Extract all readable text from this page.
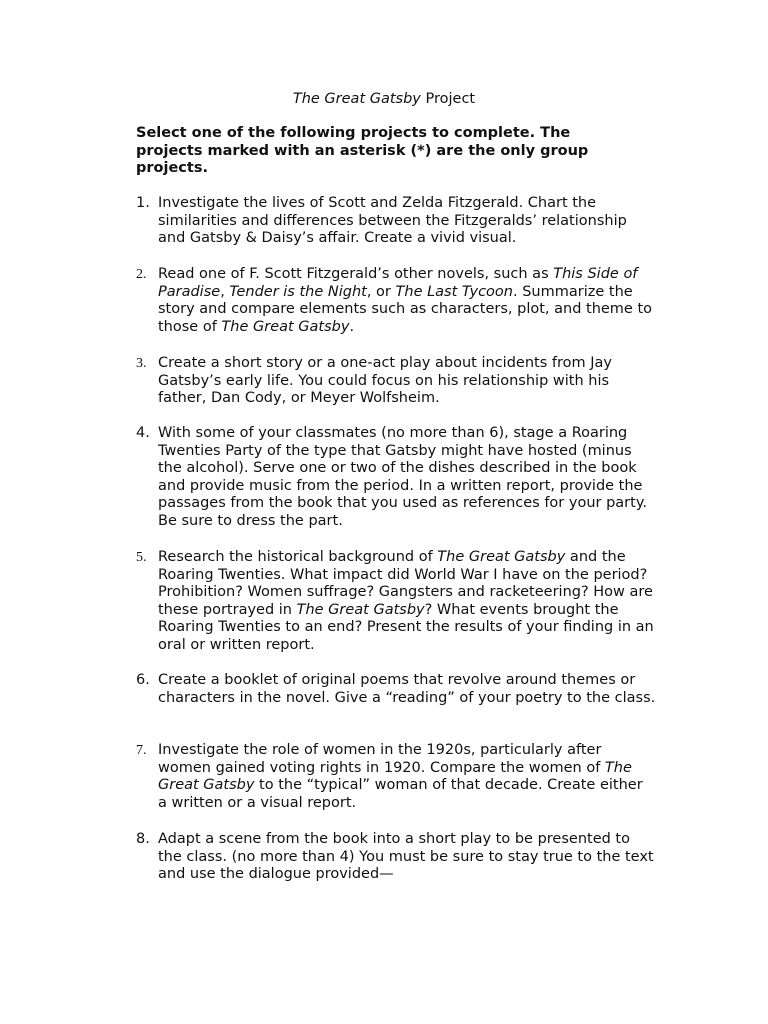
The Great Gatsby Project
Select one of the following projects to complete. The projects marked with an asterisk (*) are the only group projects.
1. Investigate the lives of Scott and Zelda Fitzgerald. Chart the similarities and differences between the Fitzgeralds’ relationship and Gatsby & Daisy’s affair. Create a vivid visual.
2. Read one of F. Scott Fitzgerald’s other novels, such as This Side of Paradise, Tender is the Night, or The Last Tycoon. Summarize the story and compare elements such as characters, plot, and theme to those of The Great Gatsby.
3. Create a short story or a one-act play about incidents from Jay Gatsby’s early life. You could focus on his relationship with his father, Dan Cody, or Meyer Wolfsheim.
4. With some of your classmates (no more than 6), stage a Roaring Twenties Party of the type that Gatsby might have hosted (minus the alcohol). Serve one or two of the dishes described in the book and provide music from the period. In a written report, provide the passages from the book that you used as references for your party. Be sure to dress the part.
5. Research the historical background of The Great Gatsby and the Roaring Twenties. What impact did World War I have on the period? Prohibition? Women suffrage? Gangsters and racketeering? How are these portrayed in The Great Gatsby? What events brought the Roaring Twenties to an end? Present the results of your finding in an oral or written report.
6. Create a booklet of original poems that revolve around themes or characters in the novel. Give a “reading” of your poetry to the class.
7. Investigate the role of women in the 1920s, particularly after women gained voting rights in 1920. Compare the women of The Great Gatsby to the “typical” woman of that decade. Create either a written or a visual report.
8. Adapt a scene from the book into a short play to be presented to the class. (no more than 4) You must be sure to stay true to the text and use the dialogue provided—
